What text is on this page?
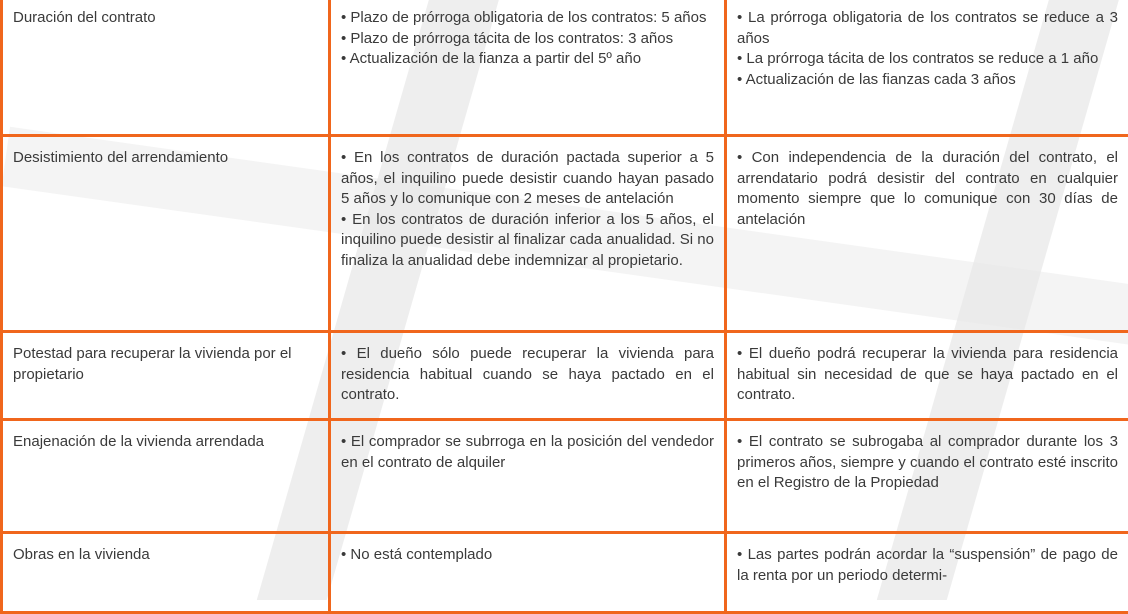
Duración del contrato	• Plazo de prórroga obligatoria de los contratos: 5 años
• Plazo de prórroga tácita de los contratos: 3 años
• Actualización de la fianza a partir del 5º año	• La prórroga obligatoria de los contratos se reduce a 3 años
• La prórroga tácita de los contratos se reduce a 1 año
• Actualización de las fianzas cada 3 años

Desistimiento del arrendamiento	• En los contratos de duración pactada superior a 5 años, el inquilino puede desistir cuando hayan pasado 5 años y lo comunique con 2 meses de antelación
• En los contratos de duración inferior a los 5 años, el inquilino puede desistir al finalizar cada anualidad. Si no finaliza la anualidad debe indemnizar al propietario.	• Con independencia de la duración del contrato, el arrendatario podrá desistir del contrato en cualquier momento siempre que lo comunique con 30 días de antelación

Potestad para recuperar la vivienda por el propietario	• El dueño sólo puede recuperar la vivienda para residencia habitual cuando se haya pactado en el contrato.	• El dueño podrá recuperar la vivienda para residencia habitual sin necesidad de que se haya pactado en el contrato.

Enajenación de la vivienda arrendada	• El comprador se subrroga en la posición del vendedor en el contrato de alquiler	• El contrato se subrogaba al comprador durante los 3 primeros años, siempre y cuando el contrato esté inscrito en el Registro de la Propiedad

Obras en la vivienda	• No está contemplado	• Las partes podrán acordar la “suspensión” de pago de la renta por un periodo determi-
